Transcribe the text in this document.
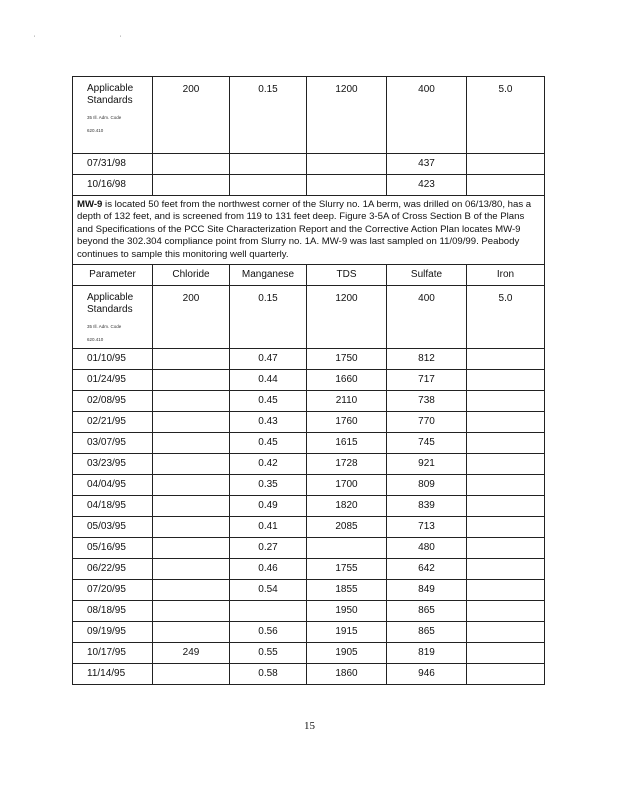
'	'
Applicable
Standards
35 Ill. Adm. Code
620.410	200	0.15	1200	400	5.0
07/31/98				437	
10/16/98				423	
MW-9 is located 50 feet from the northwest corner of the Slurry no. 1A berm, was drilled on 06/13/80, has a depth of 132 feet, and is screened from 119 to 131 feet deep. Figure 3-5A of Cross Section B of the Plans and Specifications of the PCC Site Characterization Report and the Corrective Action Plan locates MW-9 beyond the 302.304 compliance point from Slurry no. 1A. MW-9 was last sampled on 11/09/99. Peabody continues to sample this monitoring well quarterly.					
Parameter	Chloride	Manganese	TDS	Sulfate	Iron

Applicable
Standards
35 Ill. Adm. Code
620.410	200	0.15	1200	400	5.0
01/10/95		0.47	1750	812	
01/24/95		0.44	1660	717	
02/08/95		0.45	2110	738	
02/21/95		0.43	1760	770	
03/07/95		0.45	1615	745	
03/23/95		0.42	1728	921	
04/04/95		0.35	1700	809	
04/18/95		0.49	1820	839	
05/03/95		0.41	2085	713	
05/16/95		0.27		480	
06/22/95		0.46	1755	642	
07/20/95		0.54	1855	849	
08/18/95			1950	865	
09/19/95		0.56	1915	865	
10/17/95	249	0.55	1905	819	
11/14/95		0.58	1860	946	
15
